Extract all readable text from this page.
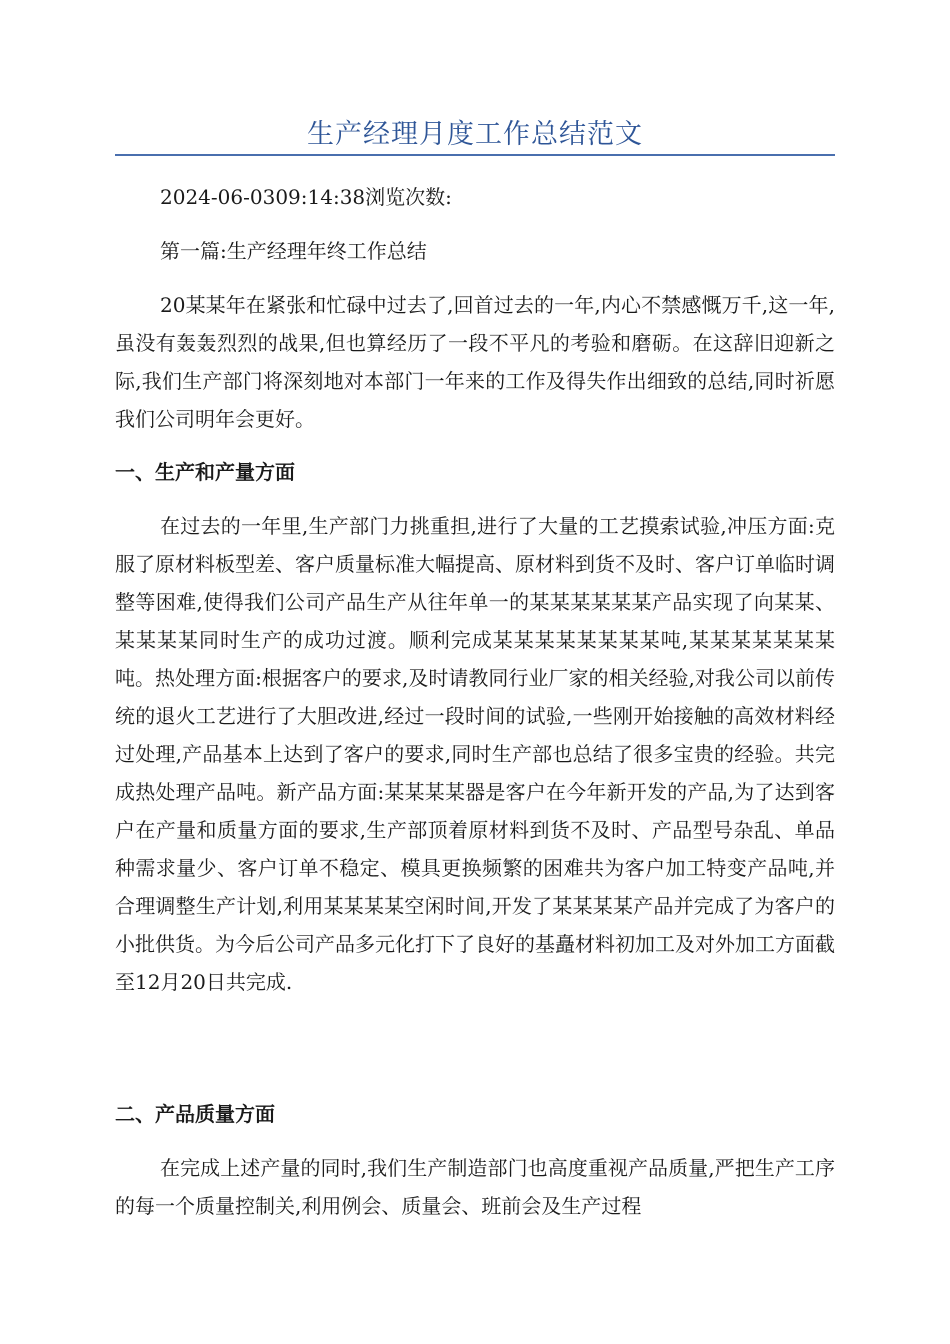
生产经理月度工作总结范文

2024-06-0309:14:38浏览次数:

第一篇:生产经理年终工作总结

20某某年在紧张和忙碌中过去了,回首过去的一年,内心不禁感慨万千,这一年,虽没有轰轰烈烈的战果,但也算经历了一段不平凡的考验和磨砺。在这辞旧迎新之际,我们生产部门将深刻地对本部门一年来的工作及得失作出细致的总结,同时祈愿我们公司明年会更好。

一、生产和产量方面

在过去的一年里,生产部门力挑重担,进行了大量的工艺摸索试验,冲压方面:克服了原材料板型差、客户质量标准大幅提高、原材料到货不及时、客户订单临时调整等困难,使得我们公司产品生产从往年单一的某某某某某某产品实现了向某某、某某某某同时生产的成功过渡。顺利完成某某某某某某某某吨,某某某某某某某吨。热处理方面:根据客户的要求,及时请教同行业厂家的相关经验,对我公司以前传统的退火工艺进行了大胆改进,经过一段时间的试验,一些刚开始接触的高效材料经过处理,产品基本上达到了客户的要求,同时生产部也总结了很多宝贵的经验。共完成热处理产品吨。新产品方面:某某某某器是客户在今年新开发的产品,为了达到客户在产量和质量方面的要求,生产部顶着原材料到货不及时、产品型号杂乱、单品种需求量少、客户订单不稳定、模具更换频繁的困难共为客户加工特变产品吨,并合理调整生产计划,利用某某某某空闲时间,开发了某某某某产品并完成了为客户的小批供货。为今后公司产品多元化打下了良好的基矗材料初加工及对外加工方面截至12月20日共完成.

二、产品质量方面

在完成上述产量的同时,我们生产制造部门也高度重视产品质量,严把生产工序的每一个质量控制关,利用例会、质量会、班前会及生产过程
